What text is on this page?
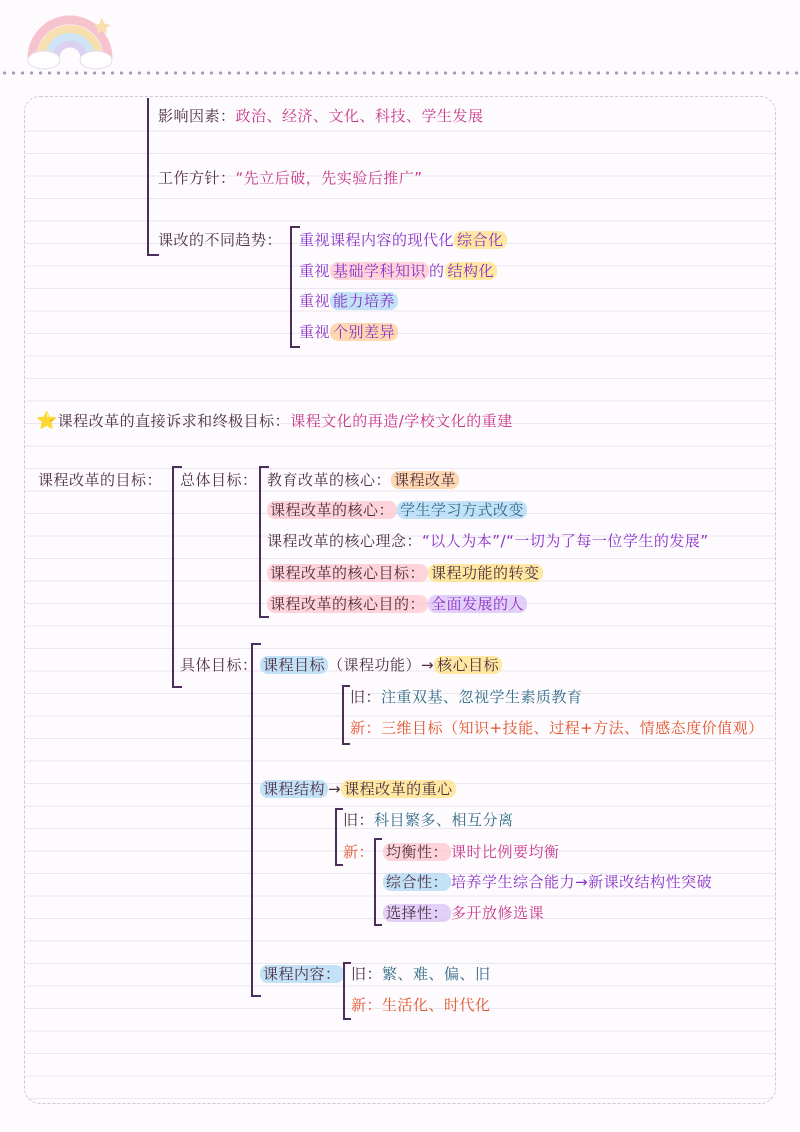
影响因素：政治、经济、文化、科技、学生发展
工作方针：“先立后破，先实验后推广”
课改的不同趋势： 重视课程内容的现代化 综合化
重视 基础学科知识 的 结构化
重视 能力培养
重视 个别差异
⭐课程改革的直接诉求和终极目标：课程文化的再造/学校文化的重建
课程改革的目标： 总体目标： 教育改革的核心： 课程改革
课程改革的核心： 学生学习方式改变
课程改革的核心理念：“以人为本”/“一切为了每一位学生的发展”
课程改革的核心目标： 课程功能的转变
课程改革的核心目的： 全面发展的人
具体目标： 课程目标 （课程功能）→ 核心目标
旧：注重双基、忽视学生素质教育
新：三维目标（知识+技能、过程+方法、情感态度价值观）
课程结构 → 课程改革的重心
旧：科目繁多、相互分离
新： 均衡性： 课时比例要均衡
综合性： 培养学生综合能力→新课改结构性突破
选择性： 多开放修选课
课程内容： 旧：繁、难、偏、旧
新：生活化、时代化
